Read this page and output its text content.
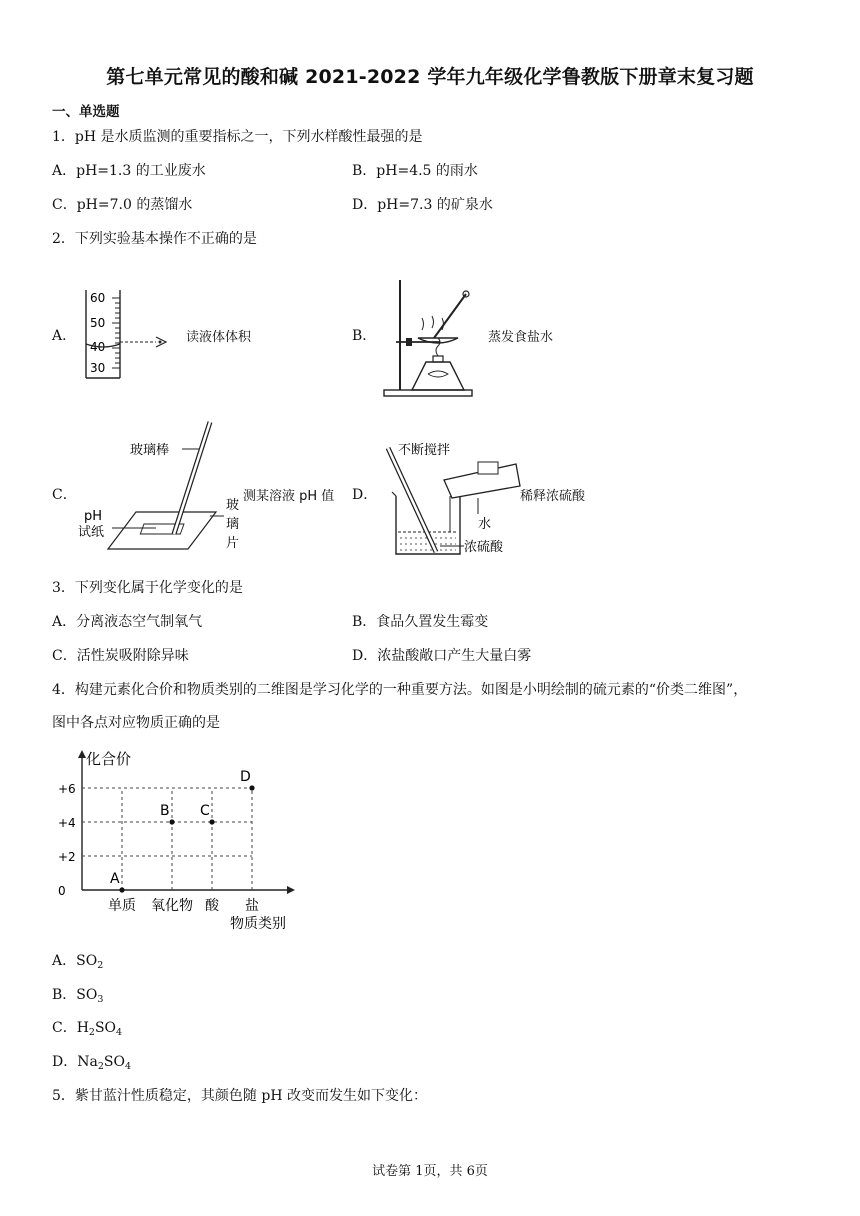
第七单元常见的酸和碱 2021-2022 学年九年级化学鲁教版下册章末复习题
一、单选题
1．pH 是水质监测的重要指标之一，下列水样酸性最强的是
A．pH=1.3 的工业废水	B．pH=4.5 的雨水
C．pH=7.0 的蒸馏水	D．pH=7.3 的矿泉水
2．下列实验基本操作不正确的是
A．
60
50
40
30
读液体体积	B．	蒸发食盐水
C．
玻璃棒
pH
试纸
玻
璃
片
测某溶液 pH 值 D．
不断搅拌
水
浓硫酸
稀释浓硫酸
3．下列变化属于化学变化的是
A．分离液态空气制氧气	B．食品久置发生霉变
C．活性炭吸附除异味	D．浓盐酸敞口产生大量白雾
4．构建元素化合价和物质类别的二维图是学习化学的一种重要方法。如图是小明绘制的硫元素的“价类二维图”，
图中各点对应物质正确的是
+6
+4
+2
0
单质 氧化物 酸 盐
A
B C
D
化合价
物质类别
A．$SO_2$
B．$SO_3$
C．$H_2SO_4$
D．$Na_2SO_4$
5．紫甘蓝汁性质稳定，其颜色随 pH 改变而发生如下变化：
试卷第 1页，共 6页
